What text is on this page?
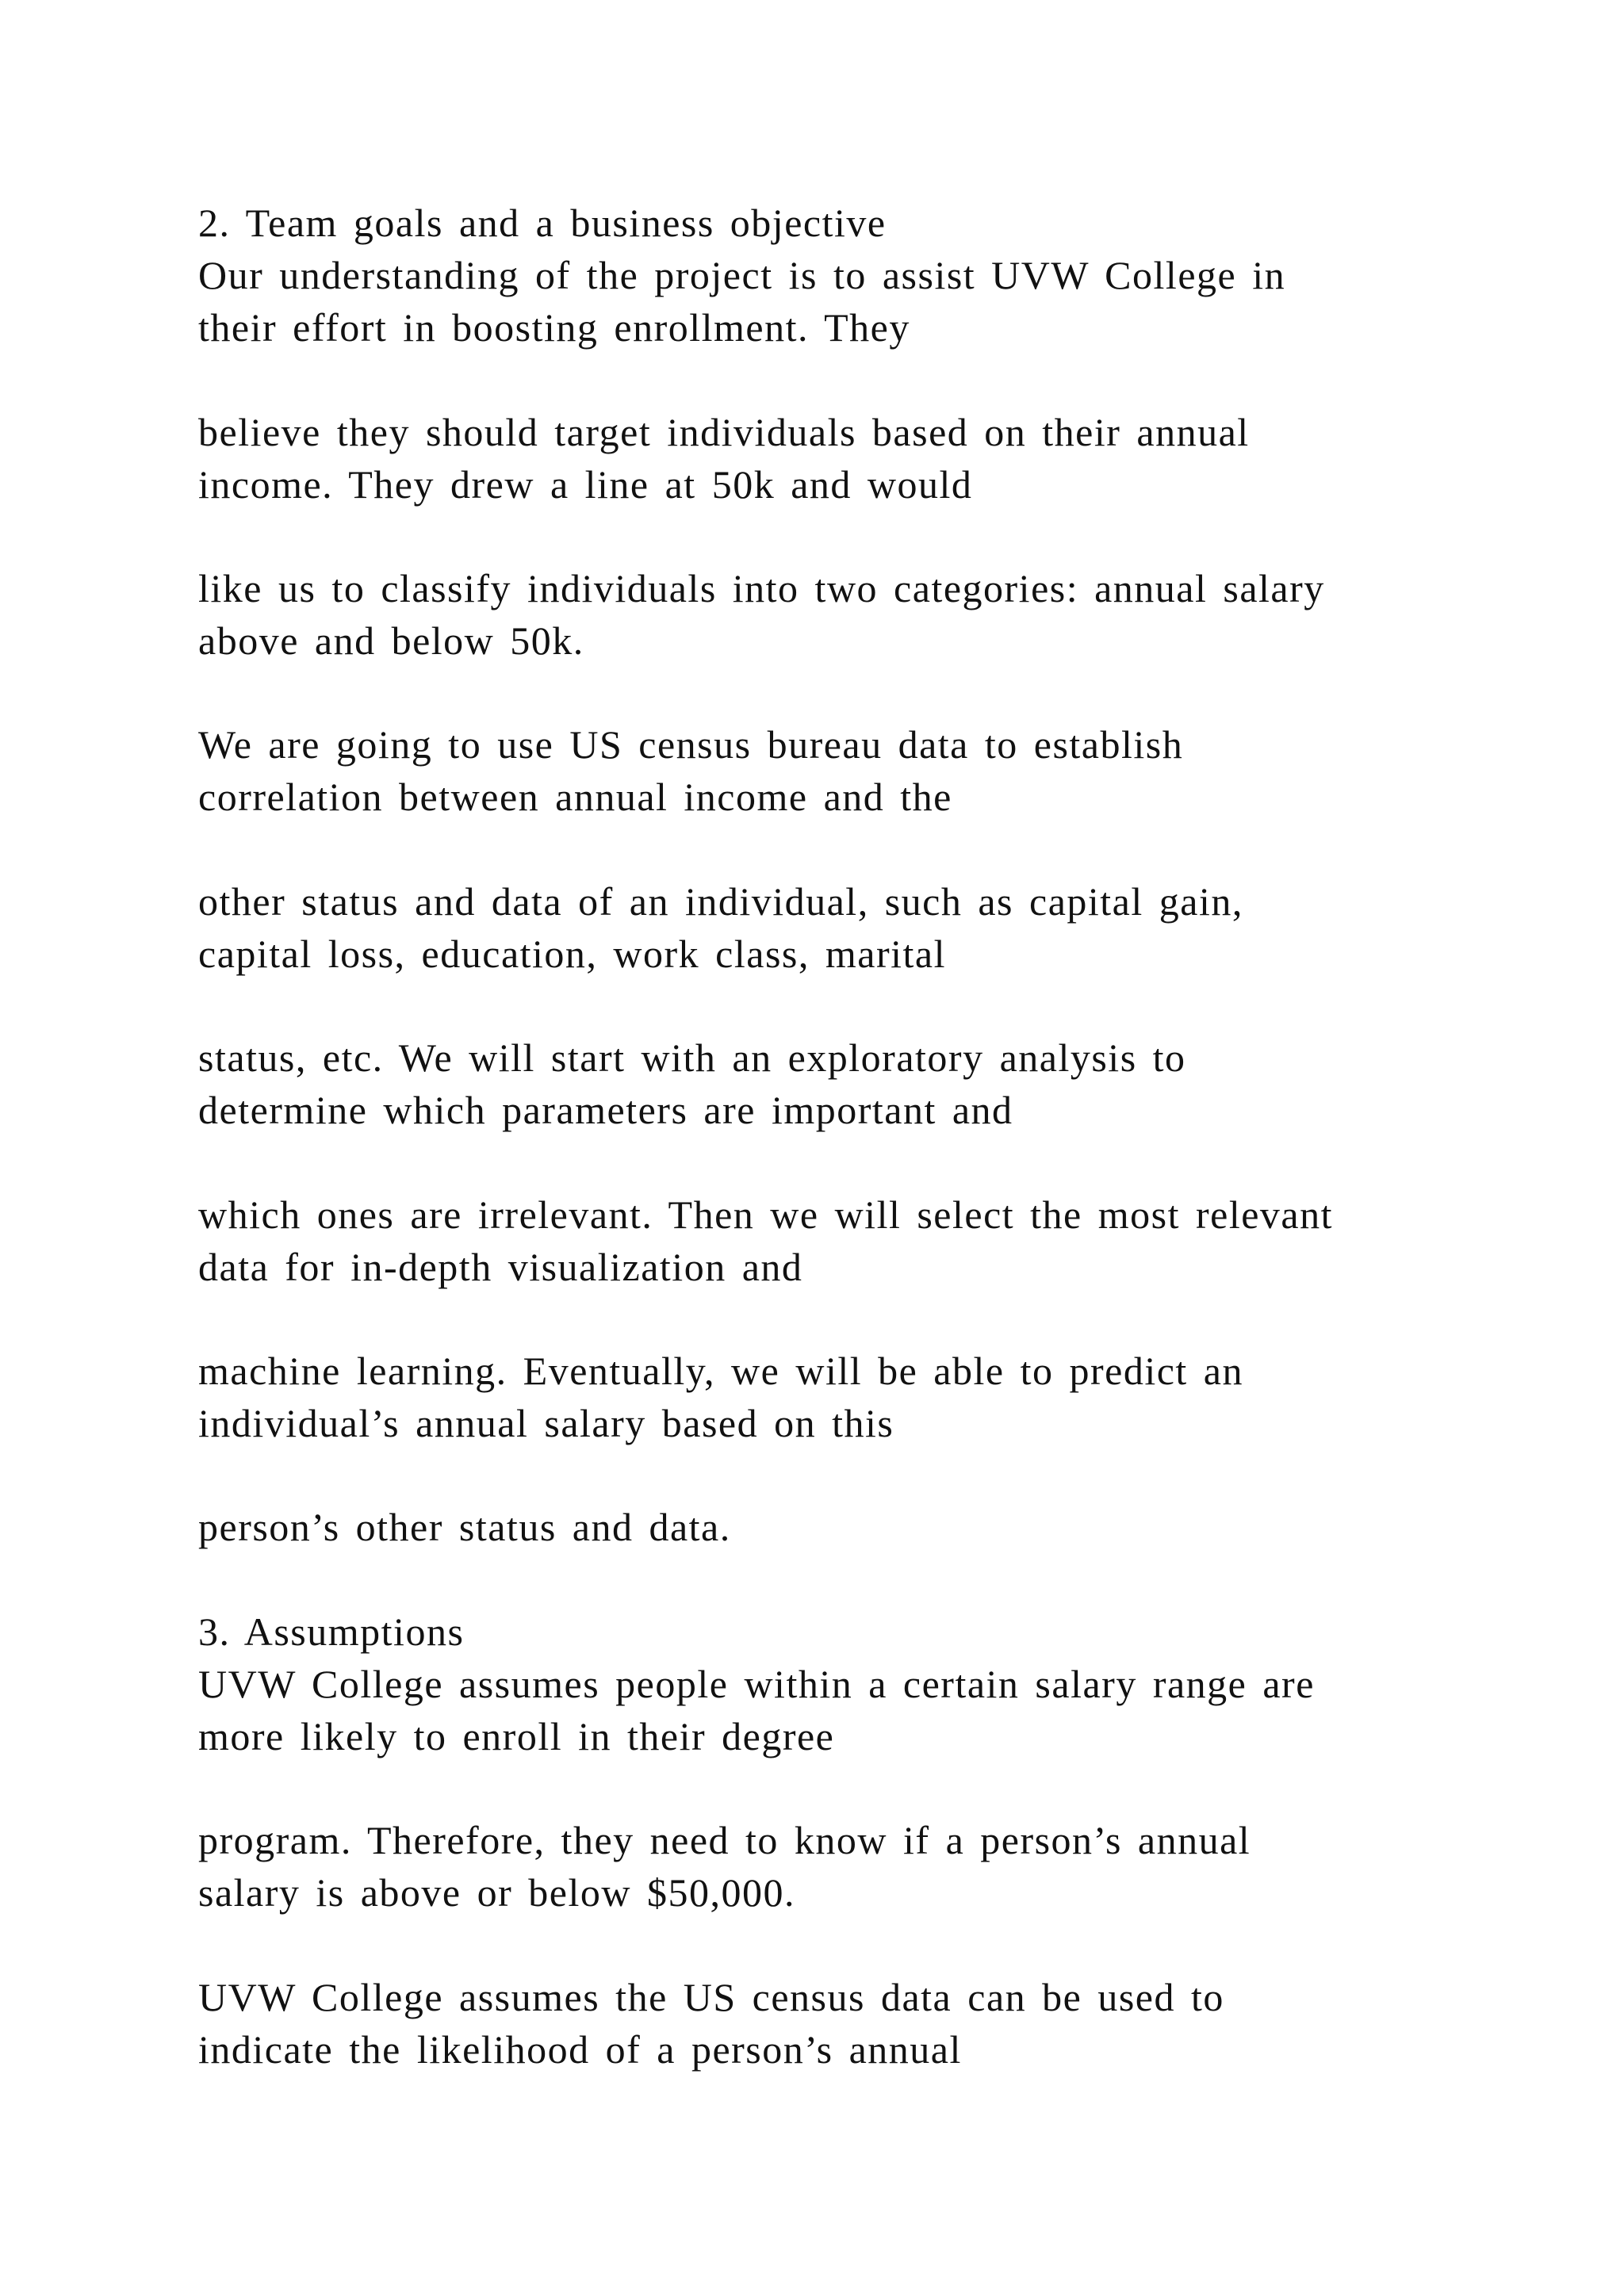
2. Team goals and a business objective
Our understanding of the project is to assist UVW College in
their effort in boosting enrollment. They
believe they should target individuals based on their annual
income. They drew a line at 50k and would
like us to classify individuals into two categories: annual salary
above and below 50k.
We are going to use US census bureau data to establish
correlation between annual income and the
other status and data of an individual, such as capital gain,
capital loss, education, work class, marital
status, etc. We will start with an exploratory analysis to
determine which parameters are important and
which ones are irrelevant. Then we will select the most relevant
data for in-depth visualization and
machine learning. Eventually, we will be able to predict an
individual’s annual salary based on this
person’s other status and data.
3. Assumptions
UVW College assumes people within a certain salary range are
more likely to enroll in their degree
program. Therefore, they need to know if a person’s annual
salary is above or below $50,000.
UVW College assumes the US census data can be used to
indicate the likelihood of a person’s annual
